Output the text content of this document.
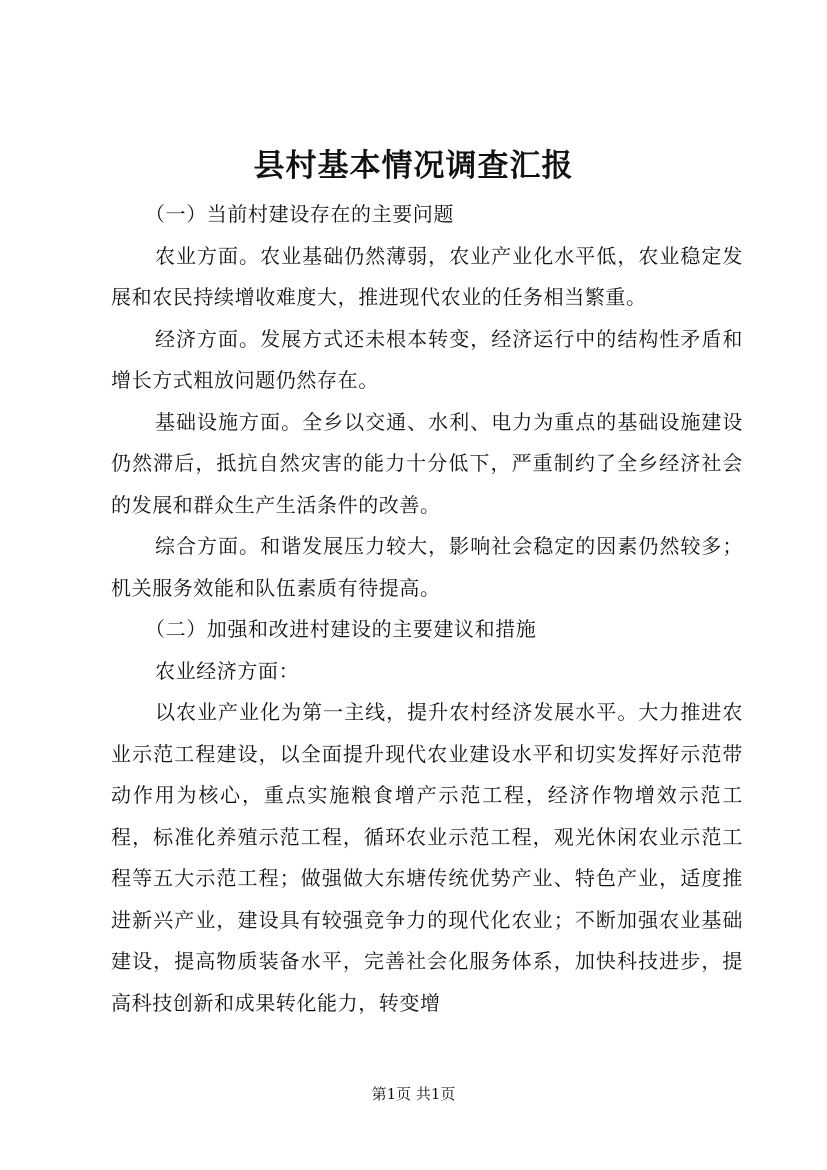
县村基本情况调查汇报

（一）当前村建设存在的主要问题

农业方面。农业基础仍然薄弱，农业产业化水平低，农业稳定发展和农民持续增收难度大，推进现代农业的任务相当繁重。

经济方面。发展方式还未根本转变，经济运行中的结构性矛盾和增长方式粗放问题仍然存在。

基础设施方面。全乡以交通、水利、电力为重点的基础设施建设仍然滞后，抵抗自然灾害的能力十分低下，严重制约了全乡经济社会的发展和群众生产生活条件的改善。

综合方面。和谐发展压力较大，影响社会稳定的因素仍然较多；机关服务效能和队伍素质有待提高。

（二）加强和改进村建设的主要建议和措施

农业经济方面：

以农业产业化为第一主线，提升农村经济发展水平。大力推进农业示范工程建设，以全面提升现代农业建设水平和切实发挥好示范带动作用为核心，重点实施粮食增产示范工程，经济作物增效示范工程，标准化养殖示范工程，循环农业示范工程，观光休闲农业示范工程等五大示范工程；做强做大东塘传统优势产业、特色产业，适度推进新兴产业，建设具有较强竞争力的现代化农业；不断加强农业基础建设，提高物质装备水平，完善社会化服务体系，加快科技进步，提高科技创新和成果转化能力，转变增

第1页 共1页
